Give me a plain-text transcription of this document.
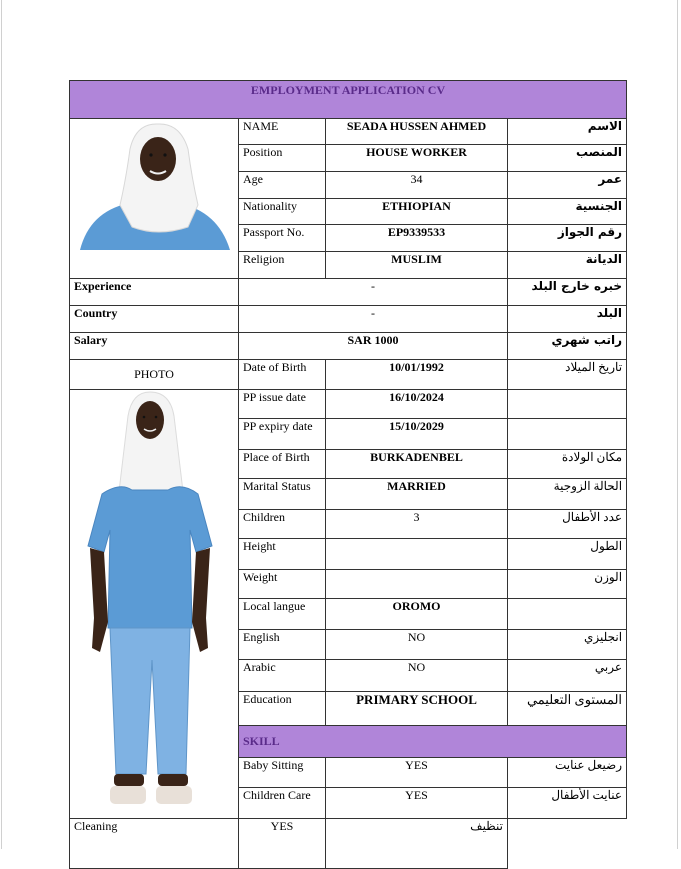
EMPLOYMENT APPLICATION CV			

	NAME	SEADA HUSSEN AHMED	الاسم
	Position	HOUSE WORKER	المنصب
	Age	34	عمر
	Nationality	ETHIOPIAN	الجنسية
	Passport No.	EP9339533	رقم الجواز
	Religion	MUSLIM	الديانة
Experience	-		خبره خارج البلد
Country	-		البلد
Salary	SAR 1000		راتب شهري
PHOTO	Date of Birth	10/01/1992	تاريخ الميلاد

	PP issue date	16/10/2024	
	PP expiry date	15/10/2029	
	Place of Birth	BURKADENBEL	مكان الولادة
	Marital Status	MARRIED	الحالة الزوجية
	Children	3	عدد الأطفال
	Height		الطول
	Weight		الوزن
	Local langue	OROMO	
	English	NO	انجليزي
	Arabic	NO	عربي
	Education	PRIMARY SCHOOL	المستوى التعليمي
	SKILL		
	Baby Sitting	YES	رضيعل عنايت
	Children Care	YES	عنايت الأطفال
Cleaning	YES	تنظيف	
